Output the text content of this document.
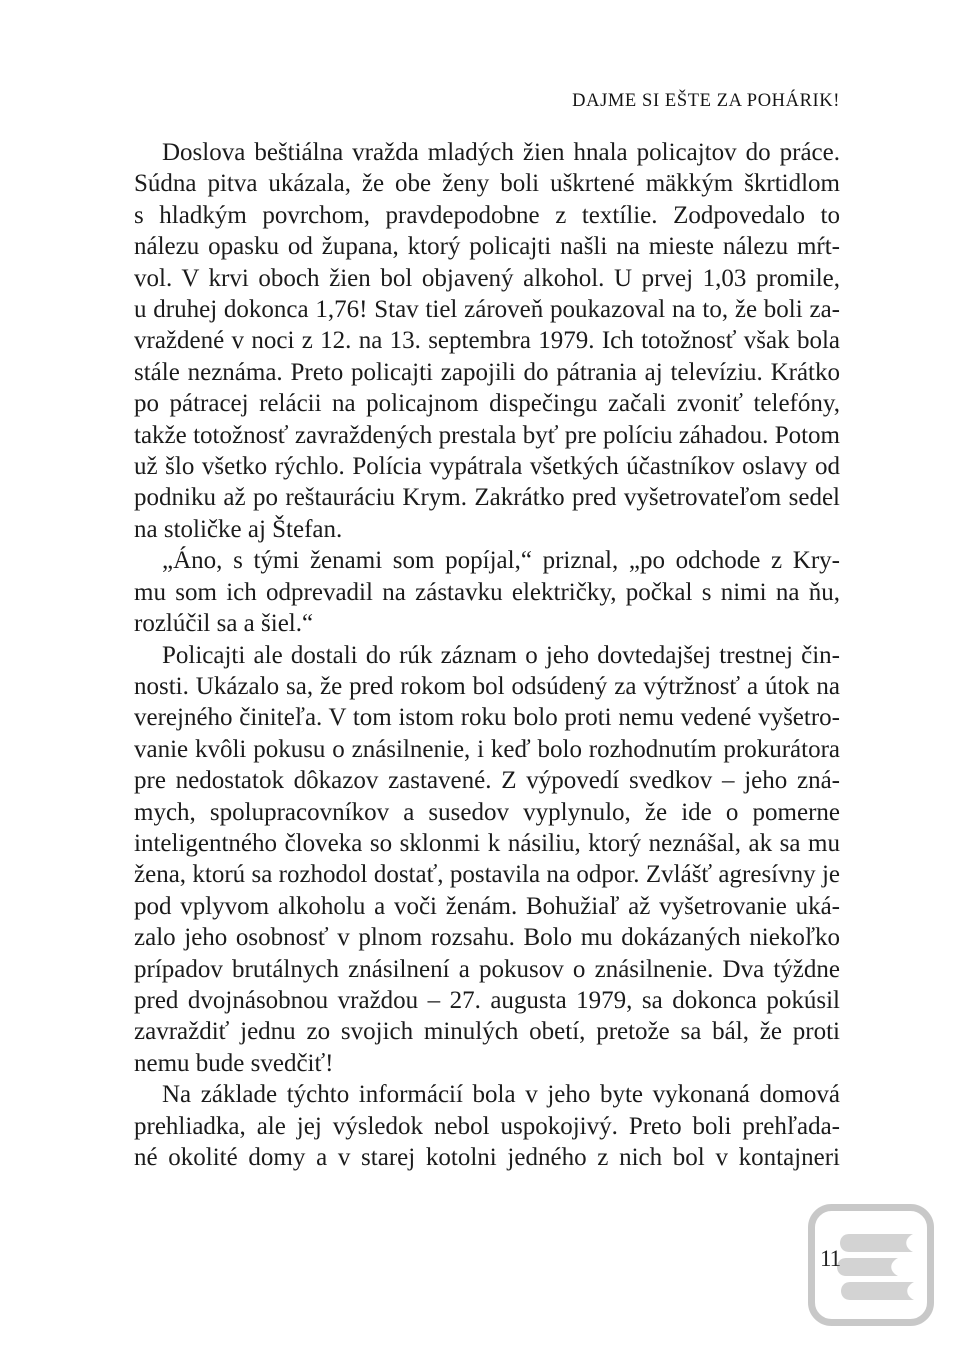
DAJME SI EŠTE ZA POHÁRIK!
Doslova beštiálna vražda mladých žien hnala policajtov do práce.
Súdna pitva ukázala, že obe ženy boli uškrtené mäkkým škrtidlom
s hladkým povrchom, pravdepodobne z textílie. Zodpovedalo to
nálezu opasku od župana, ktorý policajti našli na mieste nálezu mŕt-
vol. V krvi oboch žien bol objavený alkohol. U prvej 1,03 promile,
u druhej dokonca 1,76! Stav tiel zároveň poukazoval na to, že boli za-
vraždené v noci z 12. na 13. septembra 1979. Ich totožnosť však bola
stále neznáma. Preto policajti zapojili do pátrania aj televíziu. Krátko
po pátracej relácii na policajnom dispečingu začali zvoniť telefóny,
takže totožnosť zavraždených prestala byť pre políciu záhadou. Potom
už šlo všetko rýchlo. Polícia vypátrala všetkých účastníkov oslavy od
podniku až po reštauráciu Krym. Zakrátko pred vyšetrovateľom sedel
na stoličke aj Štefan.
„Áno, s tými ženami som popíjal,“ priznal, „po odchode z Kry-
mu som ich odprevadil na zástavku električky, počkal s nimi na ňu,
rozlúčil sa a šiel.“
Policajti ale dostali do rúk záznam o jeho dovtedajšej trestnej čin-
nosti. Ukázalo sa, že pred rokom bol odsúdený za výtržnosť a útok na
verejného činiteľa. V tom istom roku bolo proti nemu vedené vyšetro-
vanie kvôli pokusu o znásilnenie, i keď bolo rozhodnutím prokurátora
pre nedostatok dôkazov zastavené. Z výpovedí svedkov – jeho zná-
mych, spolupracovníkov a susedov vyplynulo, že ide o pomerne
inteligentného človeka so sklonmi k násiliu, ktorý neznášal, ak sa mu
žena, ktorú sa rozhodol dostať, postavila na odpor. Zvlášť agresívny je
pod vplyvom alkoholu a voči ženám. Bohužiaľ až vyšetrovanie uká-
zalo jeho osobnosť v plnom rozsahu. Bolo mu dokázaných niekoľko
prípadov brutálnych znásilnení a pokusov o znásilnenie. Dva týždne
pred dvojnásobnou vraždou – 27. augusta 1979, sa dokonca pokúsil
zavraždiť jednu zo svojich minulých obetí, pretože sa bál, že proti
nemu bude svedčiť!
Na základe týchto informácií bola v jeho byte vykonaná domová
prehliadka, ale jej výsledok nebol uspokojivý. Preto boli prehľada-
né okolité domy a v starej kotolni jedného z nich bol v kontajneri
11
